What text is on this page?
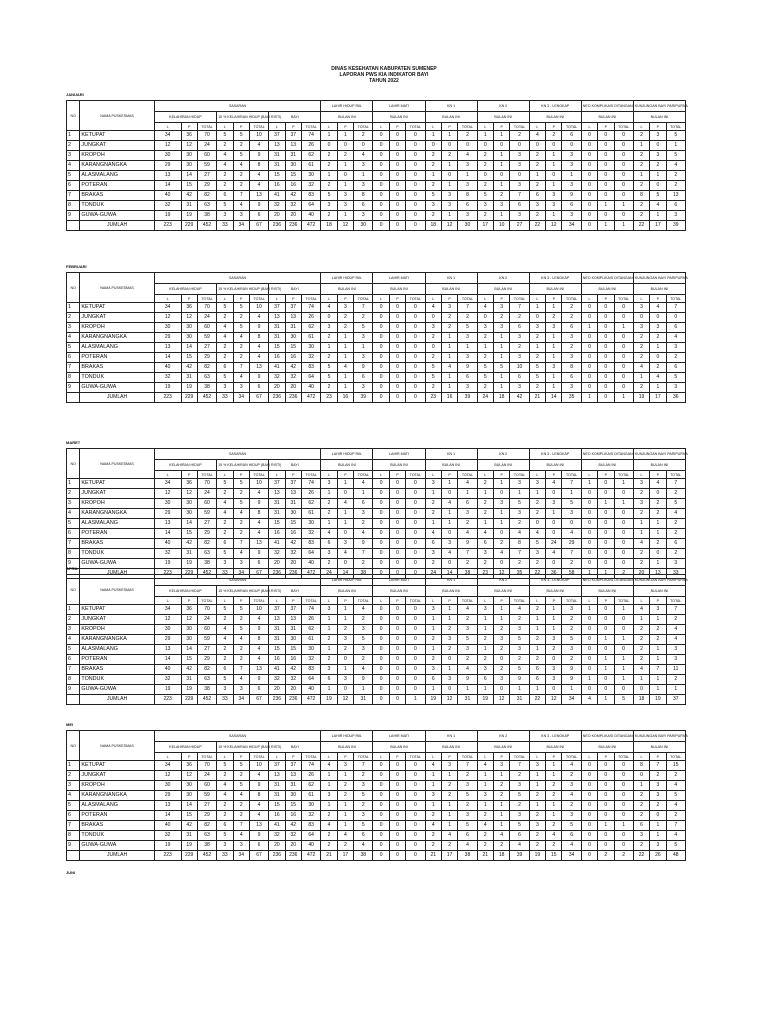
DINAS KESEHATAN KABUPATEN SUMENEP
LAPORAN PWS KIA INDIKATOR BAYI
TAHUN 2022
JANUARI
NO	NAMA PUSKESMAS	SASARAN									LAHIR HIDUP RIIL			LAHIR MATI			KN 1			KN 2			KN 3 - LENGKAP			NEO KOMPLIKASI DITANGANI			KUNJUNGAN BAYI PARIPURNA		
		KELAHIRAN HIDUP			15 % KELAHIRAN HIDUP (BAYI RISTI)			BAYI																							
											BULAN INI			BULAN INI			BULAN INI			BULAN INI			BULAN INI			BULAN INI			BULAN INI		
		L	P	TOTAL	L	P	TOTAL	L	P	TOTAL	L	P	TOTAL	L	P	TOTAL	L	P	TOTAL	L	P	TOTAL	L	P	TOTAL	L	P	TOTAL	L	P	TOTAL
1	KETUPAT	34	36	70	5	5	10	37	37	74	1	1	2	0	0	0	1	1	2	1	1	2	4	2	6	0	0	0	2	3	5
2	JUNGKAT	12	12	24	2	2	4	13	13	26	0	0	0	0	0	0	0	0	0	0	0	0	0	0	0	0	0	0	1	0	1
3	KROPOH	30	30	60	4	5	9	31	31	62	2	2	4	0	0	0	2	2	4	2	1	3	2	1	3	0	0	0	2	3	5
4	KARANGNANGKA	29	30	59	4	4	8	31	30	61	2	1	3	0	0	0	2	1	3	2	1	3	2	1	3	0	0	0	2	2	4
5	ALASMALANG	13	14	27	2	2	4	15	15	30	1	0	1	0	0	0	1	0	1	0	0	0	1	0	1	0	0	0	1	1	2
6	POTERAN	14	15	29	2	2	4	16	16	32	2	1	3	0	0	0	2	1	3	2	1	3	2	1	3	0	0	0	2	0	2
7	BRAKAS	40	42	82	6	7	13	41	42	83	5	3	8	0	0	0	5	3	8	5	2	7	6	3	9	0	0	0	8	5	13
8	TONDUK	32	31	63	5	4	9	32	32	64	3	3	6	0	0	0	3	3	6	3	3	6	3	3	6	0	1	1	2	4	6
9	GUWA-GUWA	19	19	38	3	3	6	20	20	40	2	1	3	0	0	0	2	1	3	2	1	3	2	1	3	0	0	0	2	1	3
	JUMLAH	223	229	452	33	34	67	236	236	472	18	12	30	0	0	0	18	12	30	17	10	27	22	12	34	0	1	1	22	17	39
FEBRUARI
NO	NAMA PUSKESMAS	SASARAN									LAHIR HIDUP RIIL			LAHIR MATI			KN 1			KN 2			KN 3 - LENGKAP			NEO KOMPLIKASI DITANGANI			KUNJUNGAN BAYI PARIPURNA		
		KELAHIRAN HIDUP			15 % KELAHIRAN HIDUP (BAYI RISTI)			BAYI																							
											BULAN INI			BULAN INI			BULAN INI			BULAN INI			BULAN INI			BULAN INI			BULAN INI		
		L	P	TOTAL	L	P	TOTAL	L	P	TOTAL	L	P	TOTAL	L	P	TOTAL	L	P	TOTAL	L	P	TOTAL	L	P	TOTAL	L	P	TOTAL	L	P	TOTAL
1	KETUPAT	34	36	70	5	5	10	37	37	74	4	3	7	0	0	0	4	3	7	4	3	7	1	1	2	0	0	0	3	4	7
2	JUNGKAT	12	12	24	2	2	4	13	13	26	0	2	2	0	0	0	0	2	2	0	2	2	0	2	2	0	0	0	0	0	0
3	KROPOH	30	30	60	4	5	9	31	31	62	3	2	5	0	0	0	3	2	5	3	3	6	3	3	6	1	0	1	3	3	6
4	KARANGNANGKA	29	30	59	4	4	8	31	30	61	2	1	3	0	0	0	2	1	3	2	1	3	2	1	3	0	0	0	2	2	4
5	ALASMALANG	13	14	27	2	2	4	15	15	30	1	1	1	0	0	0	0	1	1	1	1	2	1	1	2	0	0	0	2	1	3
6	POTERAN	14	15	29	2	2	4	16	16	32	2	1	3	0	0	0	2	1	3	2	1	3	2	1	3	0	0	0	2	0	2
7	BRAKAS	40	42	82	6	7	13	41	42	83	5	4	9	0	0	0	5	4	9	5	5	10	5	3	8	0	0	0	4	2	6
8	TONDUK	32	31	63	5	4	9	32	32	64	5	1	6	0	0	0	5	1	6	5	1	6	5	1	6	0	0	0	1	4	5
9	GUWA-GUWA	19	19	38	3	3	6	20	20	40	2	1	3	0	0	0	2	1	3	2	1	3	2	1	3	0	0	0	2	1	3
	JUMLAH	223	229	452	33	34	67	236	236	472	23	16	39	0	0	0	23	16	39	24	18	42	21	14	35	1	0	1	19	17	36
MARET
NO	NAMA PUSKESMAS	SASARAN									LAHIR HIDUP RIIL			LAHIR MATI			KN 1			KN 2			KN 3 - LENGKAP			NEO KOMPLIKASI DITANGANI			KUNJUNGAN BAYI PARIPURNA		
		KELAHIRAN HIDUP			15 % KELAHIRAN HIDUP (BAYI RISTI)			BAYI																							
											BULAN INI			BULAN INI			BULAN INI			BULAN INI			BULAN INI			BULAN INI			BULAN INI		
		L	P	TOTAL	L	P	TOTAL	L	P	TOTAL	L	P	TOTAL	L	P	TOTAL	L	P	TOTAL	L	P	TOTAL	L	P	TOTAL	L	P	TOTAL	L	P	TOTAL
1	KETUPAT	34	36	70	5	5	10	37	37	74	3	1	4	0	0	0	3	1	4	2	1	3	3	4	7	1	0	1	3	4	7
2	JUNGKAT	12	12	24	2	2	4	13	13	26	1	0	1	0	0	0	1	0	1	1	0	1	1	0	1	0	0	0	2	0	2
3	KROPOH	30	30	60	4	5	9	31	31	62	2	4	6	0	0	0	2	4	6	2	3	5	2	3	5	0	1	1	3	2	5
4	KARANGNANGKA	29	30	59	4	4	8	31	30	61	2	1	3	0	0	0	2	1	3	2	1	3	2	1	3	0	0	0	2	2	4
5	ALASMALANG	13	14	27	2	2	4	15	15	30	1	1	2	0	0	0	1	1	2	1	1	2	0	0	0	0	0	0	1	1	2
6	POTERAN	14	15	29	2	2	4	16	16	32	4	0	4	0	0	0	4	0	4	4	0	4	4	0	4	0	0	0	1	1	2
7	BRAKAS	40	42	82	6	7	13	41	42	83	6	3	9	0	0	0	6	3	9	6	2	8	5	24	29	0	0	0	4	2	6
8	TONDUK	32	31	63	5	4	9	32	32	64	3	4	7	0	0	0	3	4	7	3	4	7	3	4	7	0	0	0	2	0	2
9	GUWA-GUWA	19	19	38	3	3	6	20	20	40	2	0	2	0	0	0	2	0	2	2	0	2	2	0	2	0	0	0	2	1	3
	JUMLAH	223	229	452	33	34	67	236	236	472	24	14	38	0	0	0	24	14	38	23	12	35	22	36	58	1	1	2	20	13	33
APRIL
NO	NAMA PUSKESMAS	SASARAN									LAHIR HIDUP RIIL			LAHIR MATI			KN 1			KN 2			KN 3 - LENGKAP			NEO KOMPLIKASI DITANGANI			KUNJUNGAN BAYI PARIPURNA		
		KELAHIRAN HIDUP			15 % KELAHIRAN HIDUP (BAYI RISTI)			BAYI																							
											BULAN INI			BULAN INI			BULAN INI			BULAN INI			BULAN INI			BULAN INI			BULAN INI		
		L	P	TOTAL	L	P	TOTAL	L	P	TOTAL	L	P	TOTAL	L	P	TOTAL	L	P	TOTAL	L	P	TOTAL	L	P	TOTAL	L	P	TOTAL	L	P	TOTAL
1	KETUPAT	34	36	70	5	5	10	37	37	74	3	1	4	0	0	0	3	1	4	3	1	4	2	1	3	1	0	1	4	3	7
2	JUNGKAT	12	12	24	2	2	4	13	13	26	1	1	2	0	0	0	1	1	2	1	1	2	1	1	2	0	0	0	1	1	2
3	KROPOH	30	30	60	4	5	9	31	31	62	1	2	3	0	0	0	1	2	3	1	2	3	1	1	2	0	0	0	2	2	4
4	KARANGNANGKA	29	30	59	4	4	8	31	30	61	2	3	5	0	0	0	2	3	5	2	3	5	2	3	5	0	1	1	2	2	4
5	ALASMALANG	13	14	27	2	2	4	15	15	30	1	2	3	0	0	0	1	2	3	1	2	3	1	2	3	0	0	0	2	1	3
6	POTERAN	14	15	29	2	2	4	16	16	32	2	0	2	0	0	0	2	0	2	2	0	2	2	0	2	0	1	1	2	1	3
7	BRAKAS	40	42	82	6	7	13	41	42	83	3	1	4	0	0	0	3	1	4	3	2	5	6	3	9	0	1	1	4	7	11
8	TONDUK	32	31	63	5	4	9	32	32	64	6	3	9	0	0	0	6	3	9	6	3	9	6	3	9	1	0	1	1	1	2
9	GUWA-GUWA	19	19	38	3	3	6	20	20	40	1	0	1	0	0	0	1	0	1	1	0	1	1	0	1	0	0	0	0	1	1
	JUMLAH	223	229	452	33	34	67	236	236	472	19	12	31	0	0	1	19	12	31	19	12	31	22	12	34	4	1	5	18	19	37
MEI
NO	NAMA PUSKESMAS	SASARAN									LAHIR HIDUP RIIL			LAHIR MATI			KN 1			KN 2			KN 3 - LENGKAP			NEO KOMPLIKASI DITANGANI			KUNJUNGAN BAYI PARIPURNA		
		KELAHIRAN HIDUP			15 % KELAHIRAN HIDUP (BAYI RISTI)			BAYI																							
											BULAN INI			BULAN INI			BULAN INI			BULAN INI			BULAN INI			BULAN INI			BULAN INI		
		L	P	TOTAL	L	P	TOTAL	L	P	TOTAL	L	P	TOTAL	L	P	TOTAL	L	P	TOTAL	L	P	TOTAL	L	P	TOTAL	L	P	TOTAL	L	P	TOTAL
1	KETUPAT	34	36	70	5	5	10	37	37	74	4	3	7	0	0	0	4	3	7	4	3	7	3	1	4	0	0	0	8	7	15
2	JUNGKAT	12	12	24	2	2	4	13	13	26	1	1	2	0	0	0	1	1	2	1	1	2	1	1	2	0	0	0	0	2	2
3	KROPOH	30	30	60	4	5	9	31	31	62	1	2	3	0	0	0	1	2	3	1	2	3	1	2	3	0	0	0	1	3	4
4	KARANGNANGKA	29	30	59	4	4	8	31	30	61	3	2	5	0	0	0	3	2	5	3	2	5	2	2	4	0	0	0	2	3	5
5	ALASMALANG	13	14	27	2	2	4	15	15	30	1	1	2	0	0	0	1	1	2	1	1	2	1	1	2	0	0	0	2	2	4
6	POTERAN	14	15	29	2	2	4	16	16	32	2	1	3	0	0	0	2	1	3	2	1	3	2	1	3	0	0	0	2	0	2
7	BRAKAS	40	42	82	6	7	13	41	42	83	4	1	5	0	0	0	4	1	5	4	1	5	3	2	5	0	1	1	6	1	7
8	TONDUK	32	31	63	5	4	9	32	32	64	2	4	6	0	0	0	2	4	6	2	4	6	2	4	6	0	0	0	3	1	4
9	GUWA-GUWA	19	19	38	3	3	6	20	20	40	2	2	4	0	0	0	2	2	4	2	2	4	2	2	4	0	0	0	2	3	5
	JUMLAH	223	229	452	33	34	67	236	236	472	21	17	38	0	0	0	21	17	38	21	18	39	19	15	34	0	2	2	22	26	48
JUNI
